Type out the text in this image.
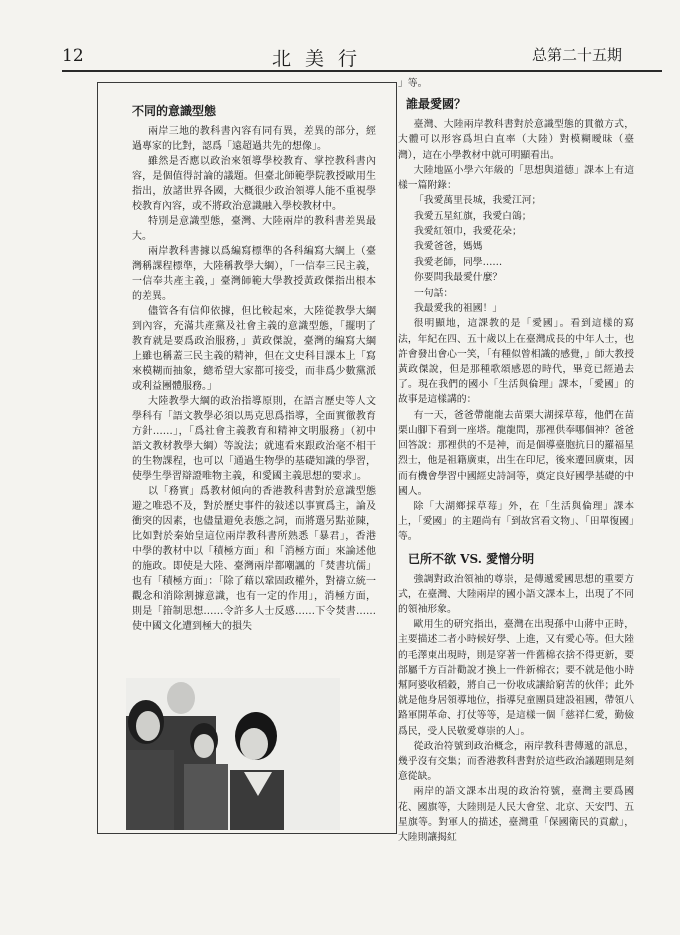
12	北美行	总第二十五期
不同的意識型態

兩岸三地的教科書內容有同有異，差異的部分，經過專家的比對，認爲「遠超過共先的想像」。

雖然是否應以政治來領導學校教育、掌控教科書內容，是個值得討論的議題。但臺北師範學院教授歐用生指出，放諸世界各國，大概很少政治領導人能不重視學校教育內容，或不將政治意識融入學校教材中。

特別是意識型態，臺灣、大陸兩岸的教科書差異最大。

兩岸教科書據以爲編寫標準的各科編寫大綱上（臺灣稱課程標準，大陸稱教學大綱），「一信奉三民主義，一信奉共產主義，」臺灣師範大學教授黃政傑指出根本的差異。

儘管各有信仰依據，但比較起來，大陸從教學大綱到內容，充滿共產黨及社會主義的意識型態，「擺明了教育就是要爲政治服務，」黃政傑說，臺灣的編寫大綱上雖也稱蓋三民主義的精神，但在文史科目課本上「寫來模糊而抽象，總希望大家都可接受，而非爲少數黨派或利益團體服務。」

大陸教學大綱的政治指導原則，在語言歷史等人文學科有「語文教學必須以馬克思爲指導，全面實徹教育方針……」，「爲社會主義教育和精神文明服務」（初中語文教材教學大綱）等說法；就連看來跟政治毫不相干的生物課程，也可以「通過生物學的基礎知識的學習，使學生學習辯證唯物主義，和愛國主義思想的要求」。

以「務實」爲教材傾向的香港教科書對於意識型態避之唯恐不及，對於歷史事件的敍述以事實爲主，論及衝突的因素，也儘量避免表態之詞，而將選另點並陳，比如對於秦始皇這位兩岸教科書所熟悉「暴君」，香港中學的教材中以「積極方面」和「消極方面」來論述他的施政。即使是大陸、臺灣兩岸都嘲諷的「焚書坑儒」也有「積極方面」：「除了藉以鞏固政權外，對禱立統一觀念和消除割據意識，也有一定的作用」，消極方面，則是「箝制思想……令許多人士反感……下令焚書……使中國文化遭到極大的損失

」等。

誰最愛國？

臺灣、大陸兩岸教科書對於意識型態的貫徹方式，大體可以形容爲坦白直率（大陸）對模糊曖昧（臺灣），這在小學教材中就可明顯看出。

大陸地區小學六年級的「思想與道德」課本上有這樣一篇附錄：

「我愛萬里長城，我愛江河；

我愛五星紅旗，我愛白鴿；

我愛紅領巾，我愛花朵；

我愛爸爸，媽媽

我愛老師，同學……

你要問我最愛什麼？

一句話：

我最愛我的祖國！」

很明顯地，這課教的是「愛國」。看到這樣的寫法，年紀在四、五十歲以上在臺灣成長的中年人士，也許會發出會心一笑，「有種似曾相識的感覺，」師大教授黃政傑說，但是那種歌頌感恩的時代，畢竟已經過去了。現在我們的國小「生活與倫理」課本，「愛國」的故事是這樣講的：

有一天，爸爸帶龍龍去苗栗大湖採草莓，他們在苗栗山腳下看到一座塔。龍龍問，那裡供奉哪個神？爸爸回答說：那裡供的不是神，而是個導臺胞抗日的羅福星烈士，他是祖籍廣東，出生在印尼，後來遷回廣東，因而有機會學習中國經史詩詞等，奠定良好國學基礎的中國人。

除「大湖鄉採草莓」外，在「生活與倫理」課本上，「愛國」的主題尚有「到故宮看文物」、「田單復國」等。

已所不欲 VS. 愛憎分明

強調對政治領袖的尊崇，是傳遞愛國思想的重要方式，在臺灣、大陸兩岸的國小語文課本上，出現了不同的領袖形象。

歐用生的研究指出，臺灣在出現孫中山蔣中正時，主要描述二者小時候好學、上進，又有愛心等。但大陸的毛澤東出現時，則是穿著一件舊棉衣捨不得更新，要部屬千方百計勸說才換上一件新棉衣；要不就是他小時幫阿婆收稻穀，將自己一份收成讓給窮苦的伙伴；此外就是他身居領導地位，指導兒童團員建設祖國，帶領八路軍開革命、打仗等等，是這樣一個「慈祥仁愛，勤儉爲民，受人民敬愛尊崇的人」。

從政治符號到政治概念，兩岸教科書傳遞的訊息，幾乎沒有交集；而香港教科書對於這些政治議題則是刻意從缺。

兩岸的語文課本出現的政治符號，臺灣主要爲國花、國旗等，大陸則是人民大會堂、北京、天安門、五星旗等。對軍人的描述，臺灣重「保國衛民的貢獻」，大陸則讓揭紅
